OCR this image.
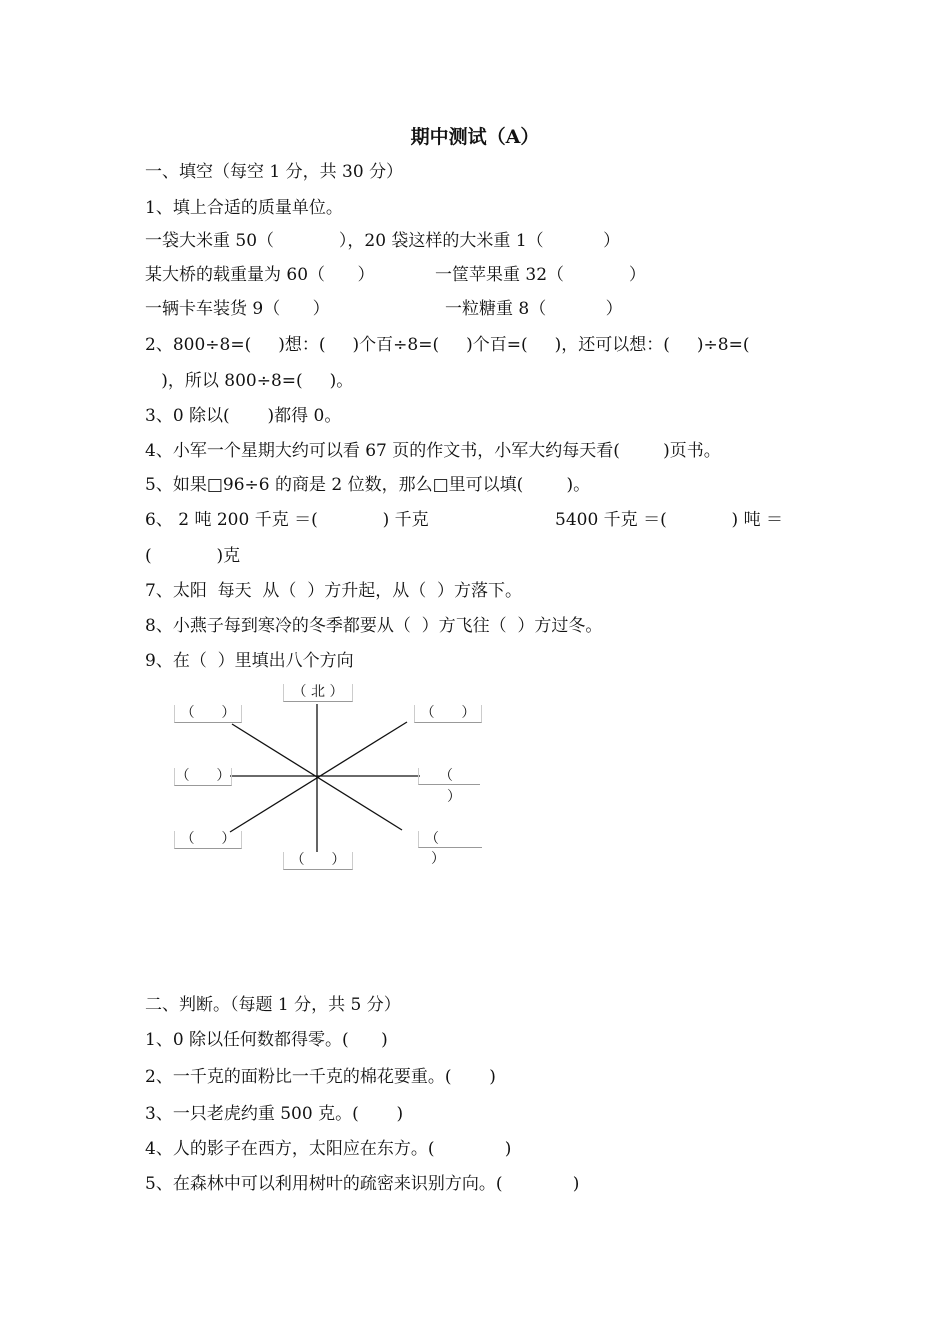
期中测试（A）
一、填空（每空 1 分，共 30 分）
1、填上合适的质量单位。
一袋大米重 50（            ），20 袋这样的大米重 1（           ）
某大桥的载重量为 60（      ）	一筐苹果重 32（            ）
一辆卡车装货 9（      ）	一粒糖重 8（           ）
2、800÷8=(     )想：(     )个百÷8=(     )个百=(     )，还可以想：(     )÷8=(
)，所以 800÷8=(     )。
3、0 除以(       )都得 0。
4、小军一个星期大约可以看 67 页的作文书，小军大约每天看(        )页书。
5、如果□96÷6 的商是 2 位数，那么□里可以填(        )。
6、 2 吨 200 千克 ＝(            ) 千克	5400 千克 ＝(            ) 吨 ＝
(            )克
7、太阳  每天  从（  ）方升起，从（  ）方落下。
8、小燕子每到寒冷的冬季都要从（  ）方飞往（  ）方过冬。
9、在（  ）里填出八个方向
（ 北 ）
（      ）	（      ）
（      ）	（
）
（      ）
（      ）
（
）
二、判断。（每题 1 分，共 5 分）
1、0 除以任何数都得零。(      )
2、一千克的面粉比一千克的棉花要重。(       )
3、一只老虎约重 500 克。(       )
4、人的影子在西方，太阳应在东方。(             )
5、在森林中可以利用树叶的疏密来识别方向。(             )
